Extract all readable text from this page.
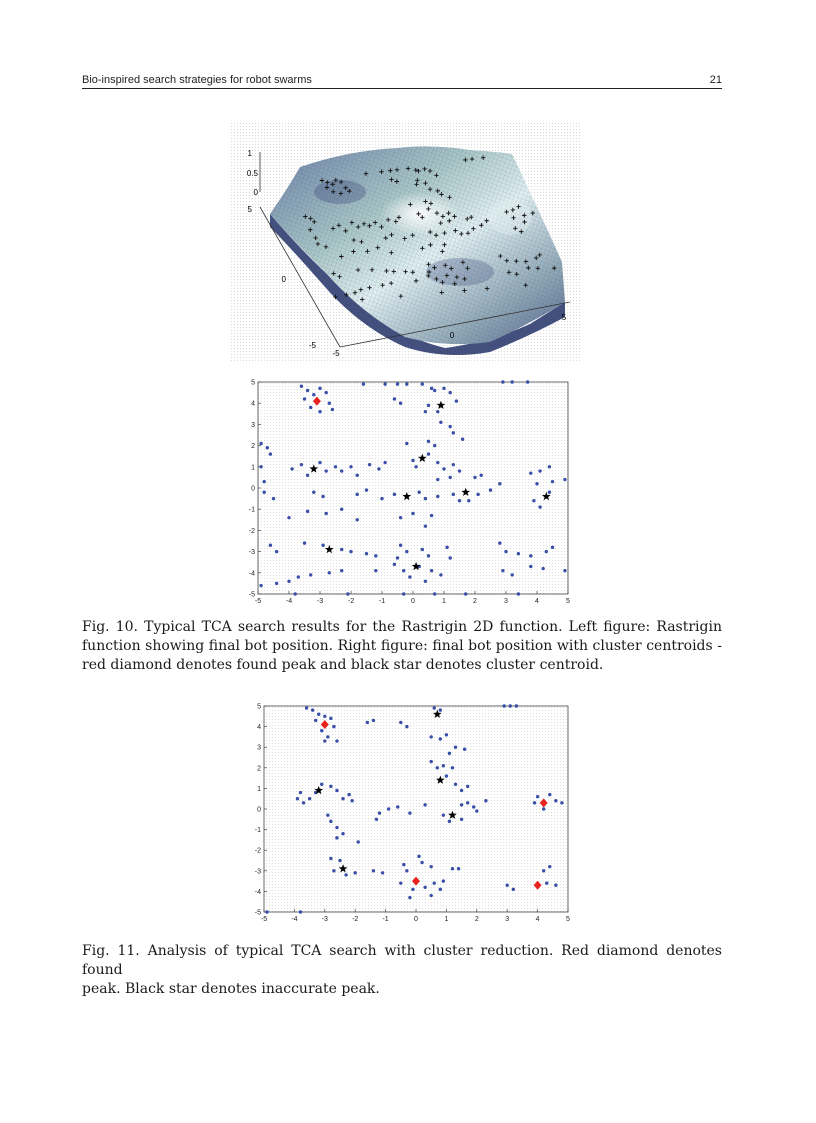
Bio-inspired search strategies for robot swarms	21
1
0.5
0
5
0
-5
5
0
-5
-5	-4	-3	-2	-1	0	1	2	3	4	5
5
4
3
2
1
0
-1
-2
-3
-4
-5
Fig. 10. Typical TCA search results for the Rastrigin 2D function. Left figure: Rastrigin
function showing final bot position. Right figure: final bot position with cluster centroids -
red diamond denotes found peak and black star denotes cluster centroid.
-5	-4	-3	-2	-1	0	1	2	3	4	5
5
4
3
2
1
0
-1
-2
-3
-4
-5
Fig. 11. Analysis of typical TCA search with cluster reduction. Red diamond denotes found
peak. Black star denotes inaccurate peak.
